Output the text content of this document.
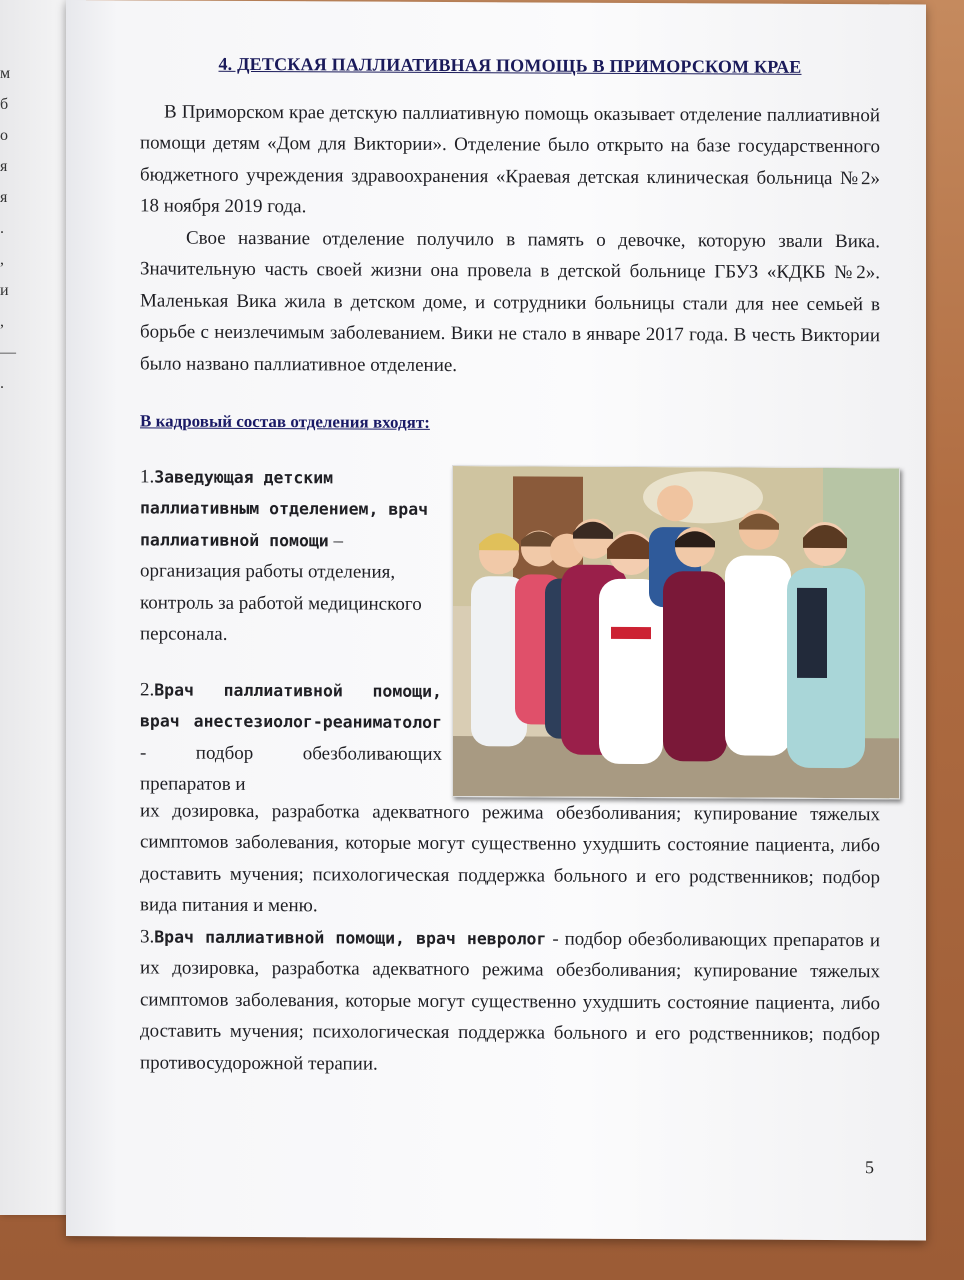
м
б
о
я
я
.
,
и
,
—
.
4. ДЕТСКАЯ ПАЛЛИАТИВНАЯ ПОМОЩЬ В ПРИМОРСКОМ КРАЕ

В Приморском крае детскую паллиативную помощь оказывает отделение паллиативной помощи детям «Дом для Виктории». Отделение было открыто на базе государственного бюджетного учреждения здравоохранения «Краевая детская клиническая больница №2» 18 ноября 2019 года.

Свое название отделение получило в память о девочке, которую звали Вика. Значительную часть своей жизни она провела в детской больнице ГБУЗ «КДКБ №2». Маленькая Вика жила в детском доме, и сотрудники больницы стали для нее семьей в борьбе с неизлечимым заболеванием. Вики не стало в январе 2017 года. В честь Виктории было названо паллиативное отделение.

В кадровый состав отделения входят:
1.Заведующая детским паллиативным отделением, врач паллиативной помощи – организация работы отделения, контроль за работой медицинского персонала.
2.Врач паллиативной помощи, врач анестезиолог-реаниматолог - подбор обезболивающих препаратов и

их дозировка, разработка адекватного режима обезболивания; купирование тяжелых симптомов заболевания, которые могут существенно ухудшить состояние пациента, либо доставить мучения; психологическая поддержка больного и его родственников; подбор вида питания и меню.

3.Врач паллиативной помощи, врач невролог - подбор обезболивающих препаратов и их дозировка, разработка адекватного режима обезболивания; купирование тяжелых симптомов заболевания, которые могут существенно ухудшить состояние пациента, либо доставить мучения; психологическая поддержка больного и его родственников; подбор противосудорожной терапии.

5
